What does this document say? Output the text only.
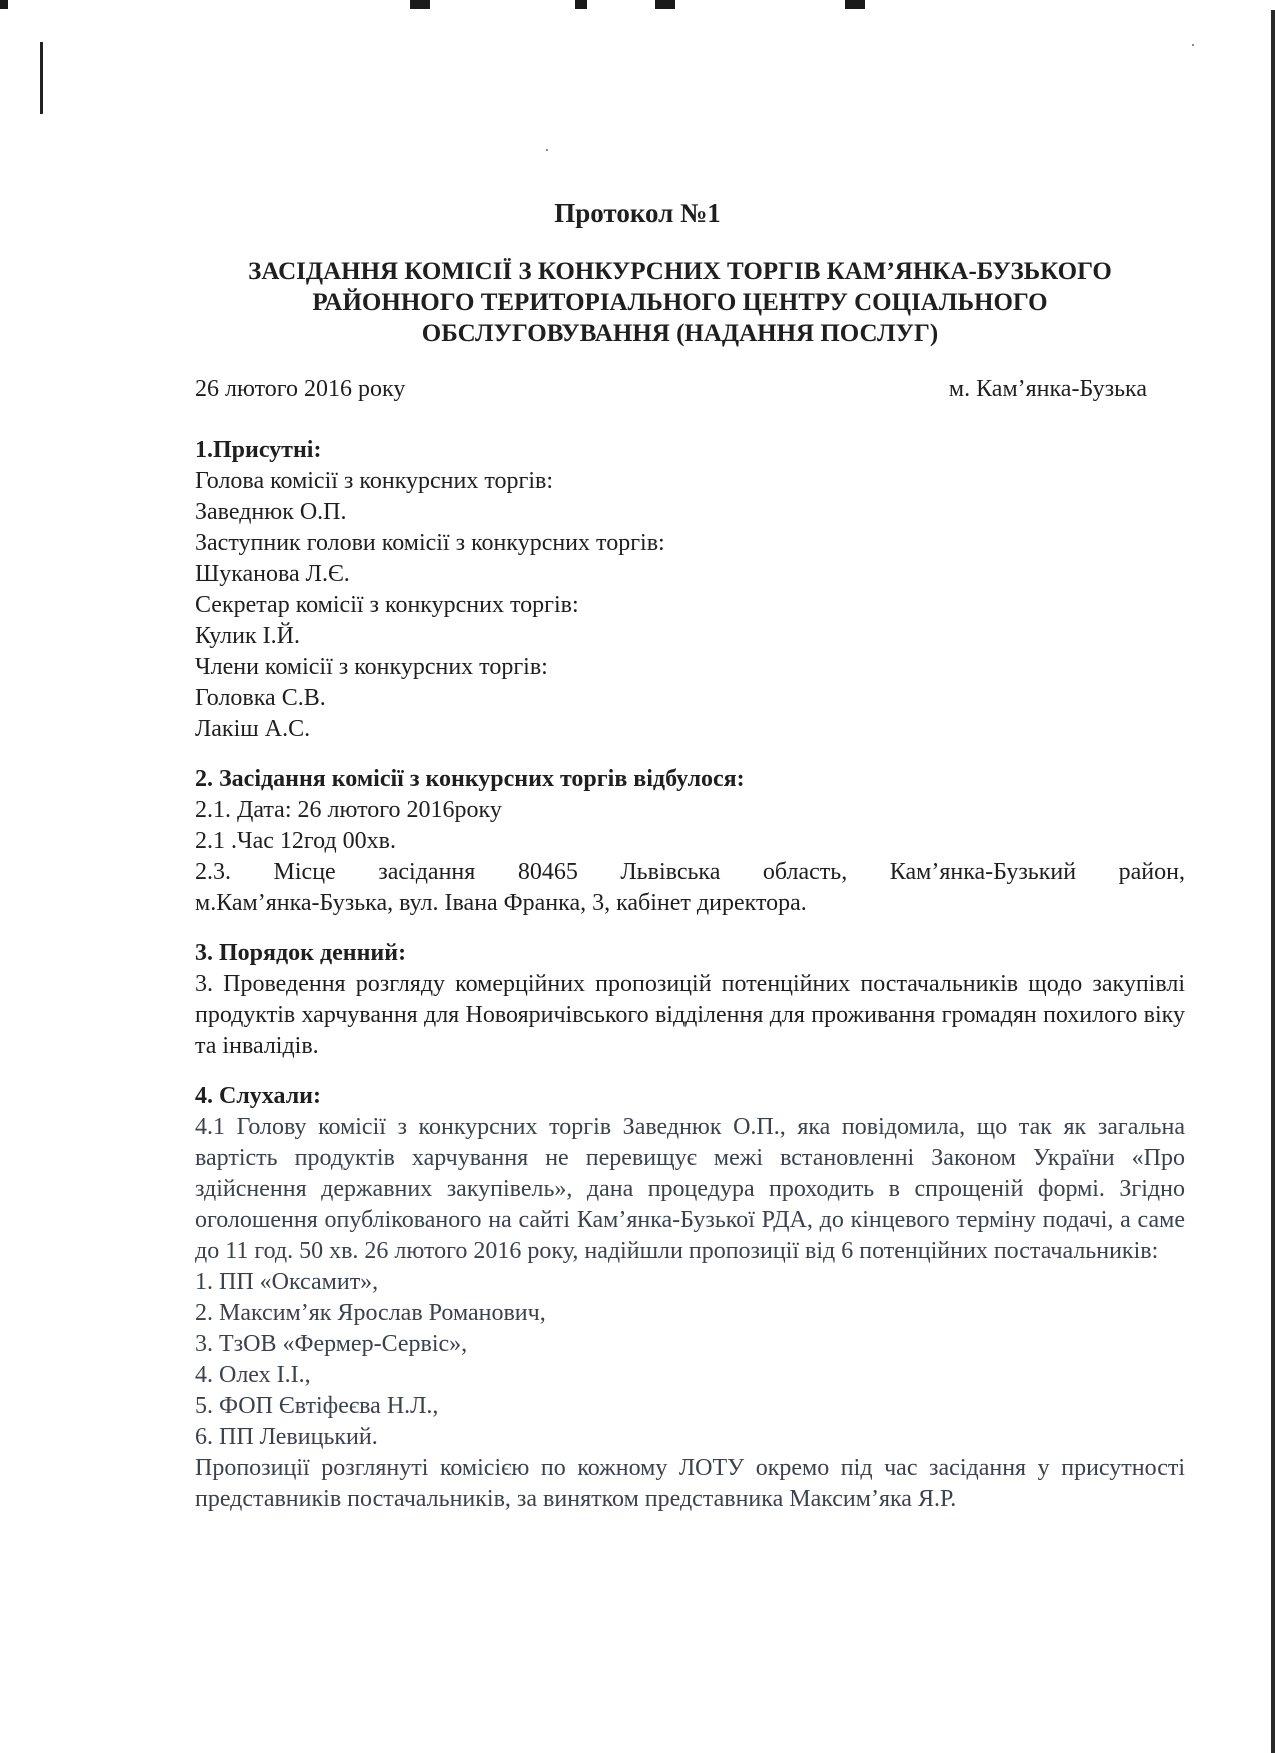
Протокол №1
ЗАСІДАННЯ КОМІСІЇ З КОНКУРСНИХ ТОРГІВ КАМ’ЯНКА-БУЗЬКОГО
РАЙОННОГО ТЕРИТОРІАЛЬНОГО ЦЕНТРУ СОЦІАЛЬНОГО
ОБСЛУГОВУВАННЯ (НАДАННЯ ПОСЛУГ)
26 лютого 2016 року	м. Кам’янка-Бузька

1.Присутні:

Голова комісії з конкурсних торгів:

Заведнюк О.П.

Заступник голови комісії з конкурсних торгів:

Шуканова Л.Є.

Секретар комісії з конкурсних торгів:

Кулик І.Й.

Члени комісії з конкурсних торгів:

Головка С.В.

Лакіш А.С.

2. Засідання комісії з конкурсних торгів відбулося:

2.1. Дата: 26 лютого 2016року

2.1 .Час 12год 00хв.

2.3. Місце засідання 80465 Львівська область, Кам’янка-Бузький район,

м.Кам’янка-Бузька, вул. Івана Франка, 3, кабінет директора.

3. Порядок денний:

3. Проведення розгляду комерційних пропозицій потенційних постачальників щодо закупівлі продуктів харчування для Новояричівського відділення для проживання громадян похилого віку та інвалідів.

4. Слухали:

4.1 Голову комісії з конкурсних торгів Заведнюк О.П., яка повідомила, що так як загальна вартість продуктів харчування не перевищує межі встановленні Законом України «Про здійснення державних закупівель», дана процедура проходить в спрощеній формі. Згідно оголошення опублікованого на сайті Кам’янка-Бузької РДА, до кінцевого терміну подачі, а саме до 11 год. 50 хв. 26 лютого 2016 року, надійшли пропозиції від 6 потенційних постачальників:

1. ПП «Оксамит»,
2. Максим’як Ярослав Романович,
3. ТзОВ «Фермер-Сервіс»,
4. Олех І.І.,
5. ФОП Євтіфеєва Н.Л.,
6. ПП Левицький.

Пропозиції розглянуті комісією по кожному ЛОТУ окремо під час засідання у присутності представників постачальників, за винятком представника Максим’яка Я.Р.
